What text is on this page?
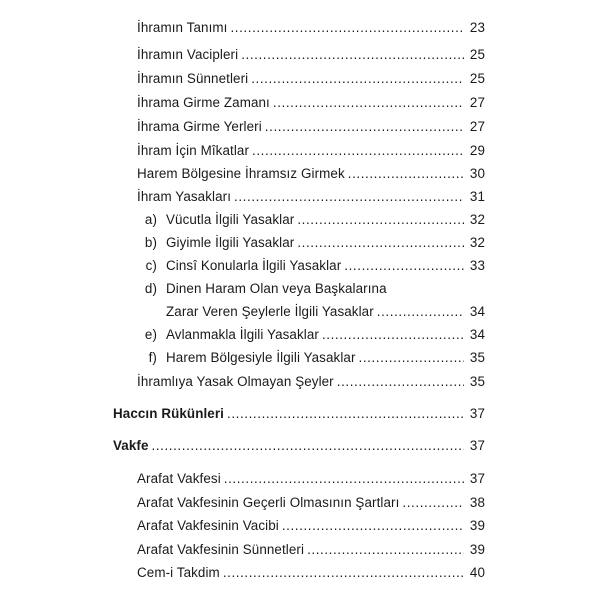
İhramın Tanımı .....	23
İhramın Vacipleri .....	25
İhramın Sünnetleri .....	25
İhrama Girme Zamanı .....	27
İhrama Girme Yerleri .....	27
İhram İçin Mîkatlar .....	29
Harem Bölgesine İhramsız Girmek .....	30
İhram Yasakları .....	31
a) Vücutla İlgili Yasaklar .....	32
b) Giyimle İlgili Yasaklar .....	32
c) Cinsî Konularla İlgili Yasaklar .....	33
d) Dinen Haram Olan veya Başkalarına
Zarar Veren Şeylerle İlgili Yasaklar .....	34
e) Avlanmakla İlgili Yasaklar .....	34
f) Harem Bölgesiyle İlgili Yasaklar .....	35
İhramlıya Yasak Olmayan Şeyler .....	35
Haccın Rükünleri .....	37
Vakfe .....	37
Arafat Vakfesi .....	37
Arafat Vakfesinin Geçerli Olmasının Şartları .....	38
Arafat Vakfesinin Vacibi .....	39
Arafat Vakfesinin Sünnetleri .....	39
Cem-i Takdim .....	40
